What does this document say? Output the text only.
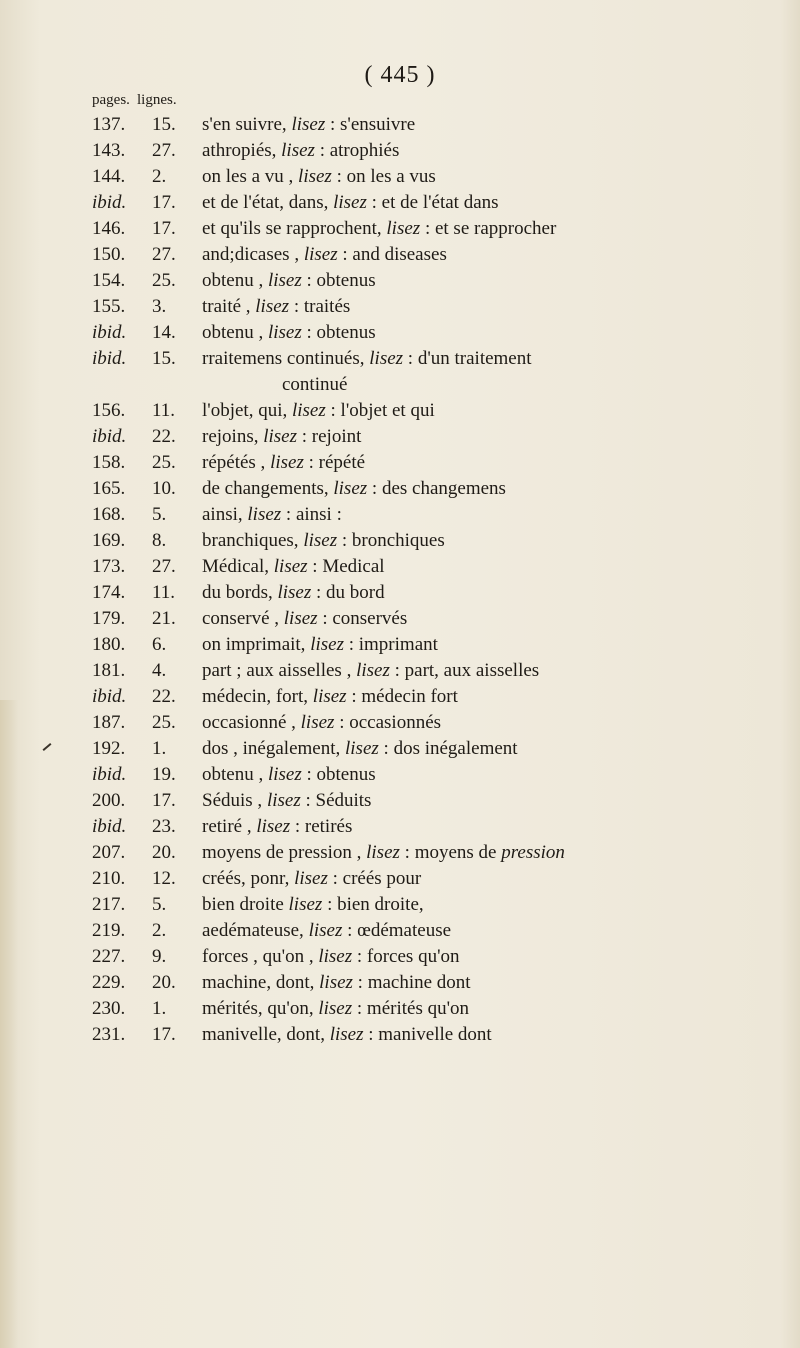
( 445 )
pages. lignes.
137.	15.	s'en suivre, lisez : s'ensuivre
143.	27.	athropiés, lisez : atrophiés
144.	2.	on les a vu , lisez : on les a vus
ibid.	17.	et de l'état, dans, lisez : et de l'état dans
146.	17.	et qu'ils se rapprochent, lisez : et se rapprocher
150.	27.	and;dicases , lisez : and diseases
154.	25.	obtenu , lisez : obtenus
155.	3.	traité , lisez : traités
ibid.	14.	obtenu , lisez : obtenus
ibid.	15.	rraitemens continués, lisez : d'un traitement
continué
156.	11.	l'objet, qui, lisez : l'objet et qui
ibid.	22.	rejoins, lisez : rejoint
158.	25.	répétés , lisez : répété
165.	10.	de changements, lisez : des changemens
168.	5.	ainsi, lisez : ainsi :
169.	8.	branchiques, lisez : bronchiques
173.	27.	Médical, lisez : Medical
174.	11.	du bords, lisez : du bord
179.	21.	conservé , lisez : conservés
180.	6.	on imprimait, lisez : imprimant
181.	4.	part ; aux aisselles , lisez : part, aux aisselles
ibid.	22.	médecin, fort, lisez : médecin fort
187.	25.	occasionné , lisez : occasionnés
192.	1.	dos , inégalement, lisez : dos inégalement
ibid.	19.	obtenu , lisez : obtenus
200.	17.	Séduis , lisez : Séduits
ibid.	23.	retiré , lisez : retirés
207.	20.	moyens de pression , lisez : moyens de pression
210.	12.	créés, ponr, lisez : créés pour
217.	5.	bien droite lisez : bien droite,
219.	2.	aedémateuse, lisez : œdémateuse
227.	9.	forces , qu'on , lisez : forces qu'on
229.	20.	machine, dont, lisez : machine dont
230.	1.	mérités, qu'on, lisez : mérités qu'on
231.	17.	manivelle, dont, lisez : manivelle dont
